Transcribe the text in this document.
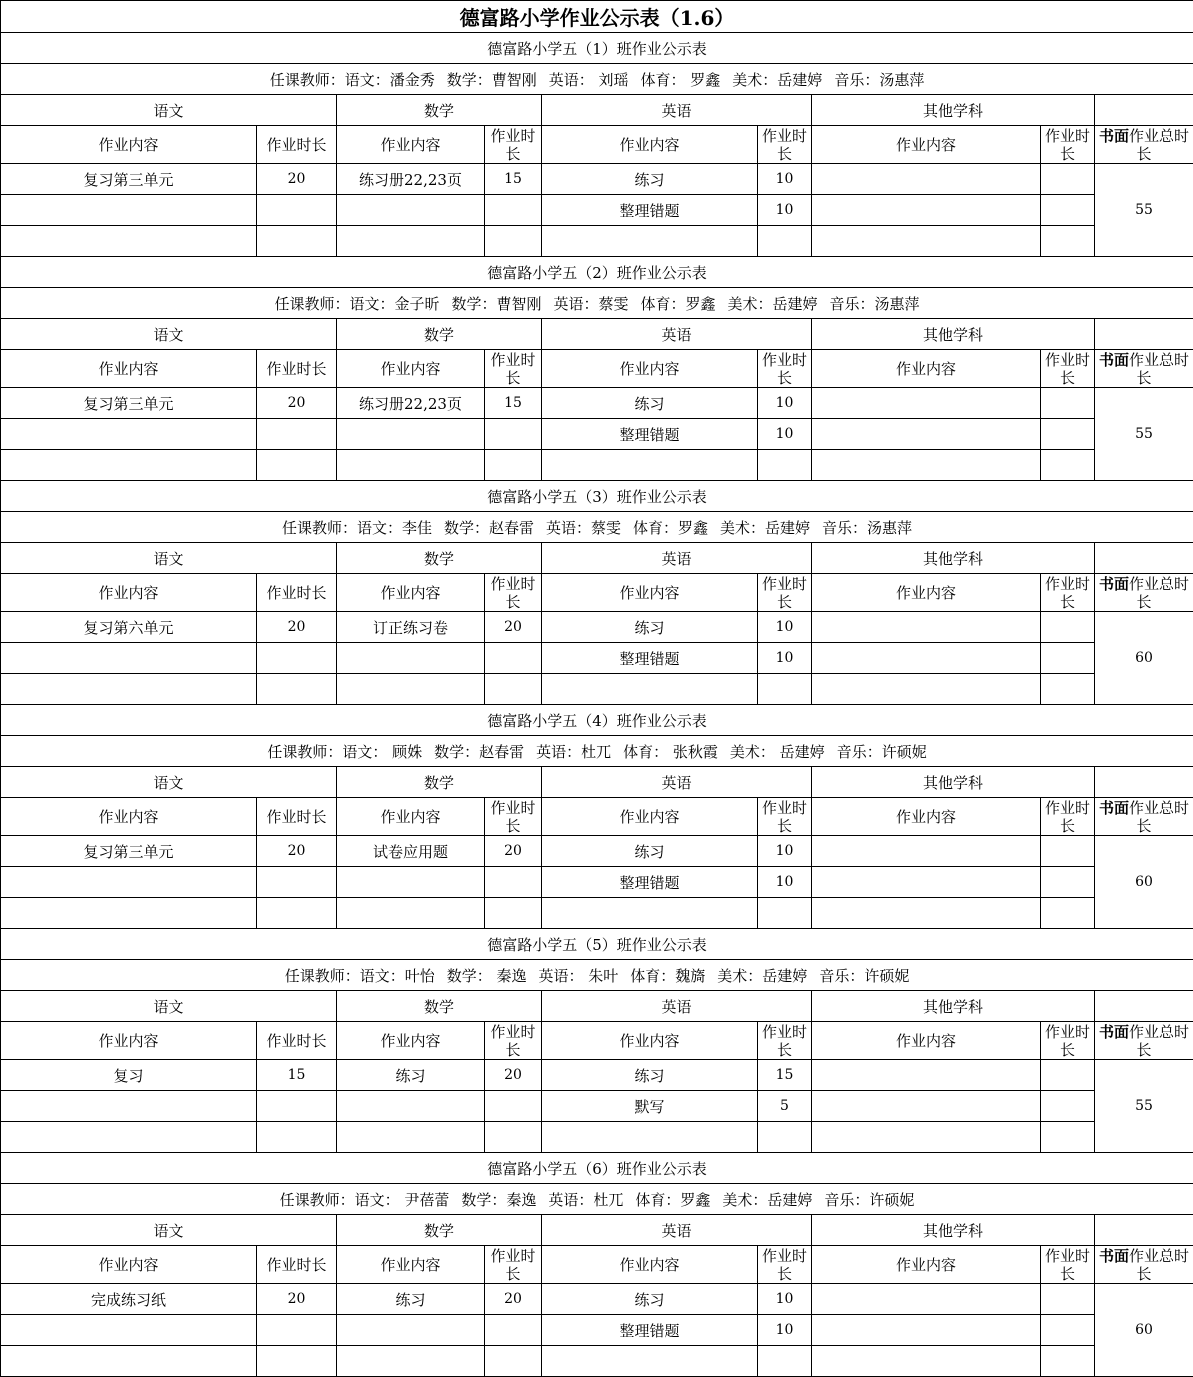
德富路小学作业公示表（1.6）								
德富路小学五（1）班作业公示表								
任课教师：语文：潘金秀 数学：曹智刚 英语： 刘瑶 体育： 罗鑫 美术：岳建婷 音乐：汤惠萍								
语文		数学		英语		其他学科		
作业内容	作业时长	作业内容	作业时长	作业内容	作业时长	作业内容	作业时长	书面作业总时长
复习第三单元	20	练习册22,23页	15	练习	10			55
				整理错题	10			

德富路小学五（2）班作业公示表								
任课教师：语文：金子昕 数学：曹智刚 英语：蔡雯 体育：罗鑫 美术：岳建婷 音乐：汤惠萍								
语文		数学		英语		其他学科		
作业内容	作业时长	作业内容	作业时长	作业内容	作业时长	作业内容	作业时长	书面作业总时长
复习第三单元	20	练习册22,23页	15	练习	10			55
				整理错题	10			

德富路小学五（3）班作业公示表								
任课教师：语文：李佳 数学：赵春雷 英语：蔡雯 体育：罗鑫 美术：岳建婷 音乐：汤惠萍								
语文		数学		英语		其他学科		
作业内容	作业时长	作业内容	作业时长	作业内容	作业时长	作业内容	作业时长	书面作业总时长
复习第六单元	20	订正练习卷	20	练习	10			60
				整理错题	10			

德富路小学五（4）班作业公示表								
任课教师：语文： 顾姝 数学：赵春雷 英语：杜兀 体育： 张秋霞 美术： 岳建婷 音乐：许硕妮								
语文		数学		英语		其他学科		
作业内容	作业时长	作业内容	作业时长	作业内容	作业时长	作业内容	作业时长	书面作业总时长
复习第三单元	20	试卷应用题	20	练习	10			60
				整理错题	10			

德富路小学五（5）班作业公示表								
任课教师：语文：叶怡 数学： 秦逸 英语： 朱叶 体育：魏旖 美术：岳建婷 音乐：许硕妮								
语文		数学		英语		其他学科		
作业内容	作业时长	作业内容	作业时长	作业内容	作业时长	作业内容	作业时长	书面作业总时长
复习	15	练习	20	练习	15			55
				默写	5			

德富路小学五（6）班作业公示表								
任课教师：语文： 尹蓓蕾 数学：秦逸 英语：杜兀 体育：罗鑫 美术：岳建婷 音乐：许硕妮								
语文		数学		英语		其他学科		
作业内容	作业时长	作业内容	作业时长	作业内容	作业时长	作业内容	作业时长	书面作业总时长
完成练习纸	20	练习	20	练习	10			60
				整理错题	10			
